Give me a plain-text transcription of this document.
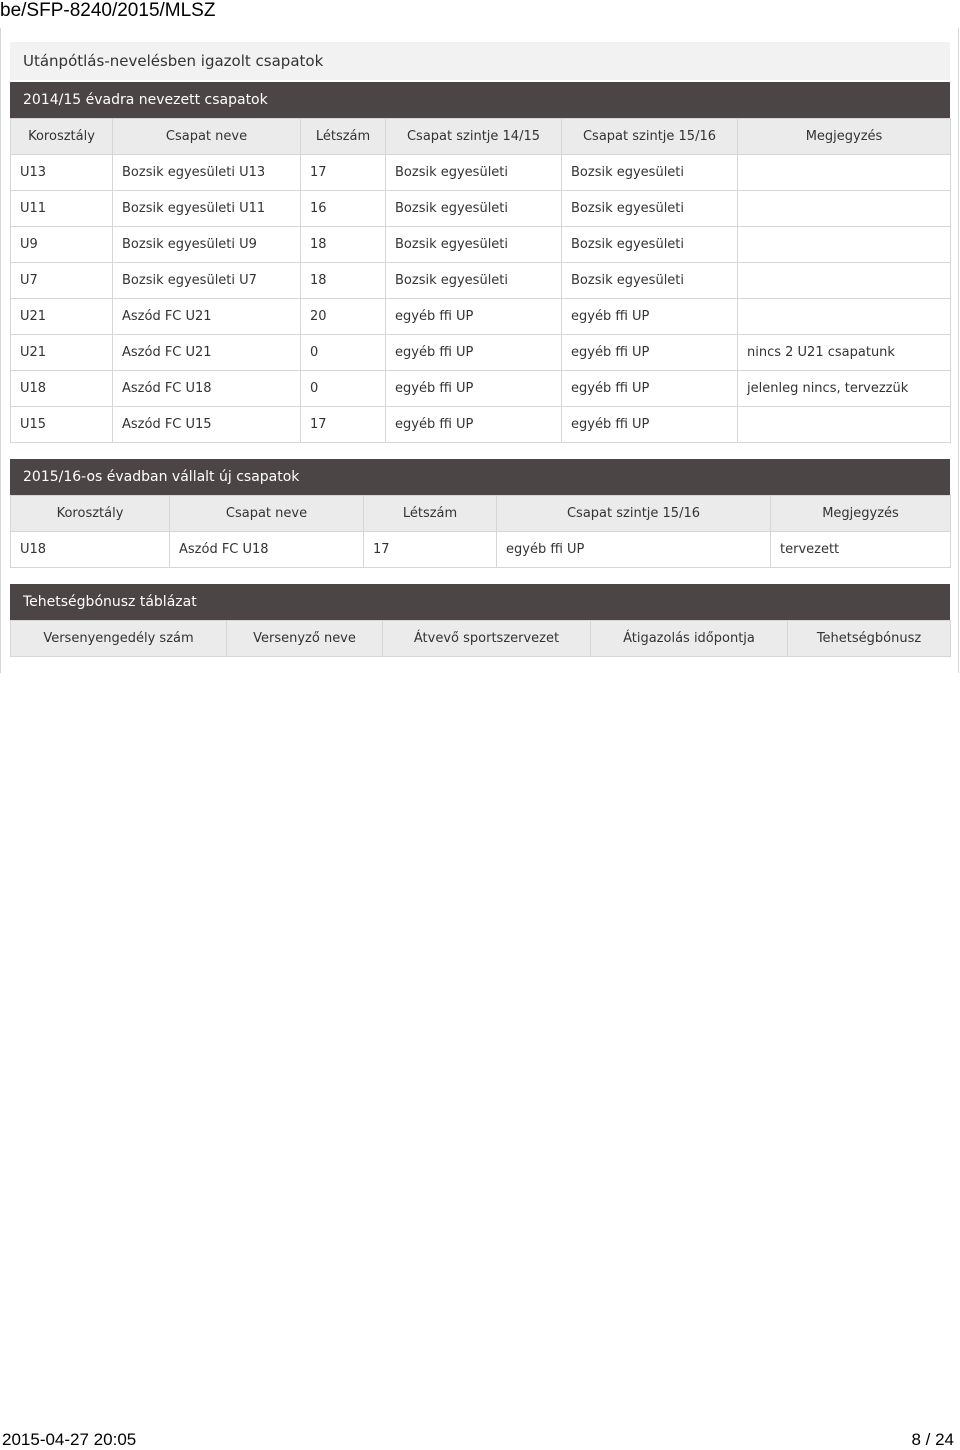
be/SFP-8240/2015/MLSZ
Utánpótlás-nevelésben igazolt csapatok
2014/15 évadra nevezett csapatok
Korosztály	Csapat neve	Létszám	Csapat szintje 14/15	Csapat szintje 15/16	Megjegyzés
U13	Bozsik egyesületi U13	17	Bozsik egyesületi	Bozsik egyesületi	
U11	Bozsik egyesületi U11	16	Bozsik egyesületi	Bozsik egyesületi	
U9	Bozsik egyesületi U9	18	Bozsik egyesületi	Bozsik egyesületi	
U7	Bozsik egyesületi U7	18	Bozsik egyesületi	Bozsik egyesületi	
U21	Aszód FC U21	20	egyéb ffi UP	egyéb ffi UP	
U21	Aszód FC U21	0	egyéb ffi UP	egyéb ffi UP	nincs 2 U21 csapatunk
U18	Aszód FC U18	0	egyéb ffi UP	egyéb ffi UP	jelenleg nincs, tervezzük
U15	Aszód FC U15	17	egyéb ffi UP	egyéb ffi UP	
2015/16-os évadban vállalt új csapatok
Korosztály	Csapat neve	Létszám	Csapat szintje 15/16	Megjegyzés
U18	Aszód FC U18	17	egyéb ffi UP	tervezett
Tehetségbónusz táblázat
Versenyengedély szám	Versenyző neve	Átvevő sportszervezet	Átigazolás időpontja	Tehetségbónusz
2015-04-27 20:05	8 / 24
